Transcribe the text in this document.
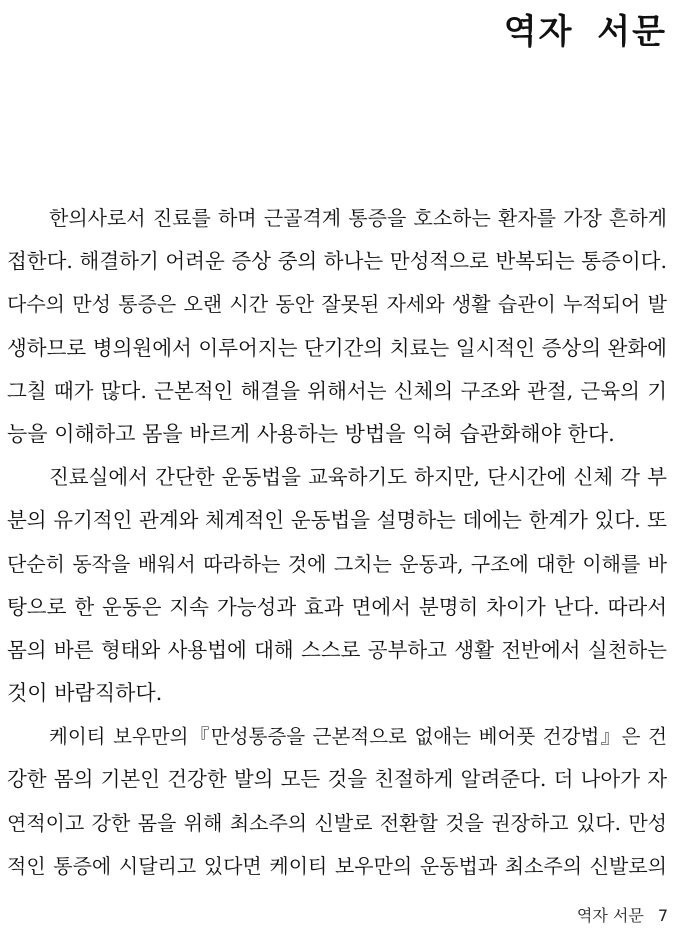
역자 서문
한의사로서 진료를 하며 근골격계 통증을 호소하는 환자를 가장 흔하게
접한다. 해결하기 어려운 증상 중의 하나는 만성적으로 반복되는 통증이다.
다수의 만성 통증은 오랜 시간 동안 잘못된 자세와 생활 습관이 누적되어 발
생하므로 병의원에서 이루어지는 단기간의 치료는 일시적인 증상의 완화에
그칠 때가 많다. 근본적인 해결을 위해서는 신체의 구조와 관절, 근육의 기
능을 이해하고 몸을 바르게 사용하는 방법을 익혀 습관화해야 한다.
진료실에서 간단한 운동법을 교육하기도 하지만, 단시간에 신체 각 부
분의 유기적인 관계와 체계적인 운동법을 설명하는 데에는 한계가 있다. 또
단순히 동작을 배워서 따라하는 것에 그치는 운동과, 구조에 대한 이해를 바
탕으로 한 운동은 지속 가능성과 효과 면에서 분명히 차이가 난다. 따라서
몸의 바른 형태와 사용법에 대해 스스로 공부하고 생활 전반에서 실천하는
것이 바람직하다.
케이티 보우만의『만성통증을 근본적으로 없애는 베어풋 건강법』은 건
강한 몸의 기본인 건강한 발의 모든 것을 친절하게 알려준다. 더 나아가 자
연적이고 강한 몸을 위해 최소주의 신발로 전환할 것을 권장하고 있다. 만성
적인 통증에 시달리고 있다면 케이티 보우만의 운동법과 최소주의 신발로의
역자 서문 7
